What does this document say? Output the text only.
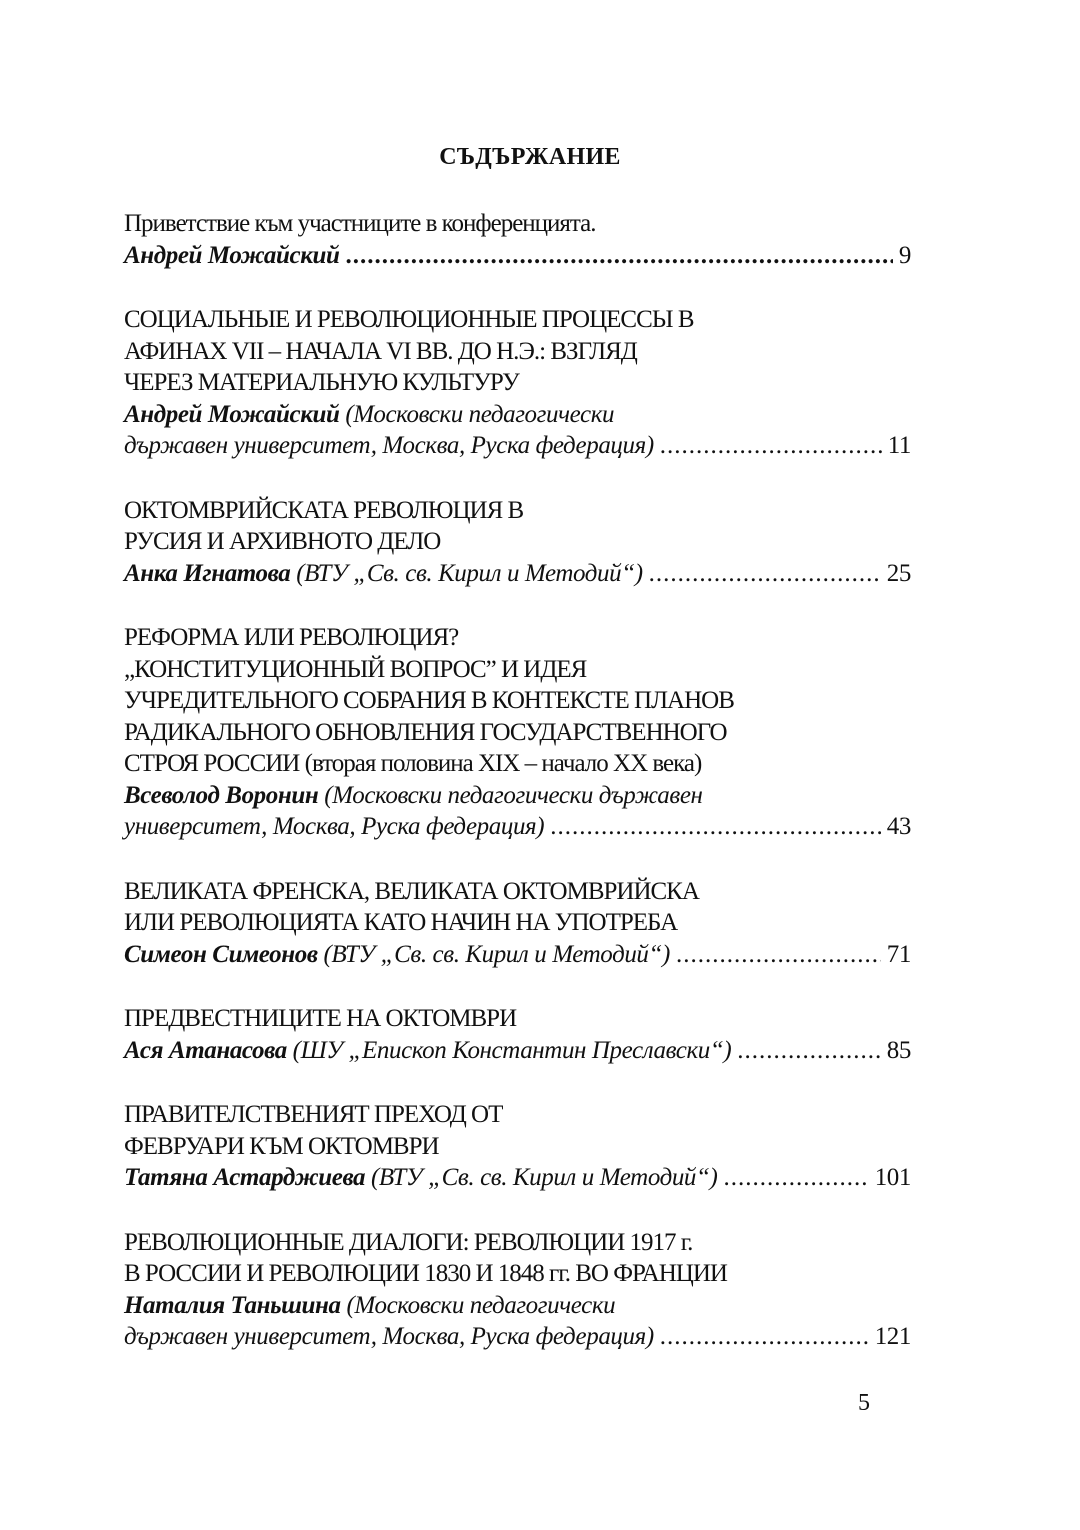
СЪДЪРЖАНИЕ
Приветствие към участниците в конференцията.
Андрей Можайский .....	9
СОЦИАЛЬНЫЕ И РЕВОЛЮЦИОННЫЕ ПРОЦЕССЫ В
АФИНАХ VII – НАЧАЛА VI ВВ. ДО Н.Э.: ВЗГЛЯД
ЧЕРЕЗ МАТЕРИАЛЬНУЮ КУЛЬТУРУ
Андрей Можайский (Московски педагогически
държавен университет, Москва, Руска федерация) .....	11
ОКТОМВРИЙСКАТА РЕВОЛЮЦИЯ В
РУСИЯ И АРХИВНОТО ДЕЛО
Анка Игнатова (ВТУ „Св. св. Кирил и Методий“) .....	25
РЕФОРМА ИЛИ РЕВОЛЮЦИЯ?
„КОНСТИТУЦИОННЫЙ ВОПРОС” И ИДЕЯ
УЧРЕДИТЕЛЬНОГО СОБРАНИЯ В КОНТЕКСТЕ ПЛАНОВ
РАДИКАЛЬНОГО ОБНОВЛЕНИЯ ГОСУДАРСТВЕННОГО
СТРОЯ РОССИИ (вторая половина XIX – начало XX века)
Всеволод Воронин (Московски педагогически държавен
университет, Москва, Руска федерация) .....	43
ВЕЛИКАТА ФРЕНСКА, ВЕЛИКАТА ОКТОМВРИЙСКА
ИЛИ РЕВОЛЮЦИЯТА КАТО НАЧИН НА УПОТРЕБА
Симеон Симеонов (ВТУ „Св. св. Кирил и Методий“) .....	71
ПРЕДВЕСТНИЦИТЕ НА ОКТОМВРИ
Ася Атанасова (ШУ „Епископ Константин Преславски“) .....	85
ПРАВИТЕЛСТВЕНИЯТ ПРЕХОД ОТ
ФЕВРУАРИ КЪМ ОКТОМВРИ
Татяна Астарджиева (ВТУ „Св. св. Кирил и Методий“) .....	101
РЕВОЛЮЦИОННЫЕ ДИАЛОГИ: РЕВОЛЮЦИИ 1917 г.
В РОССИИ И РЕВОЛЮЦИИ 1830 И 1848 гг. ВО ФРАНЦИИ
Наталия Таньшина (Московски педагогически
държавен университет, Москва, Руска федерация) .....	121
5
